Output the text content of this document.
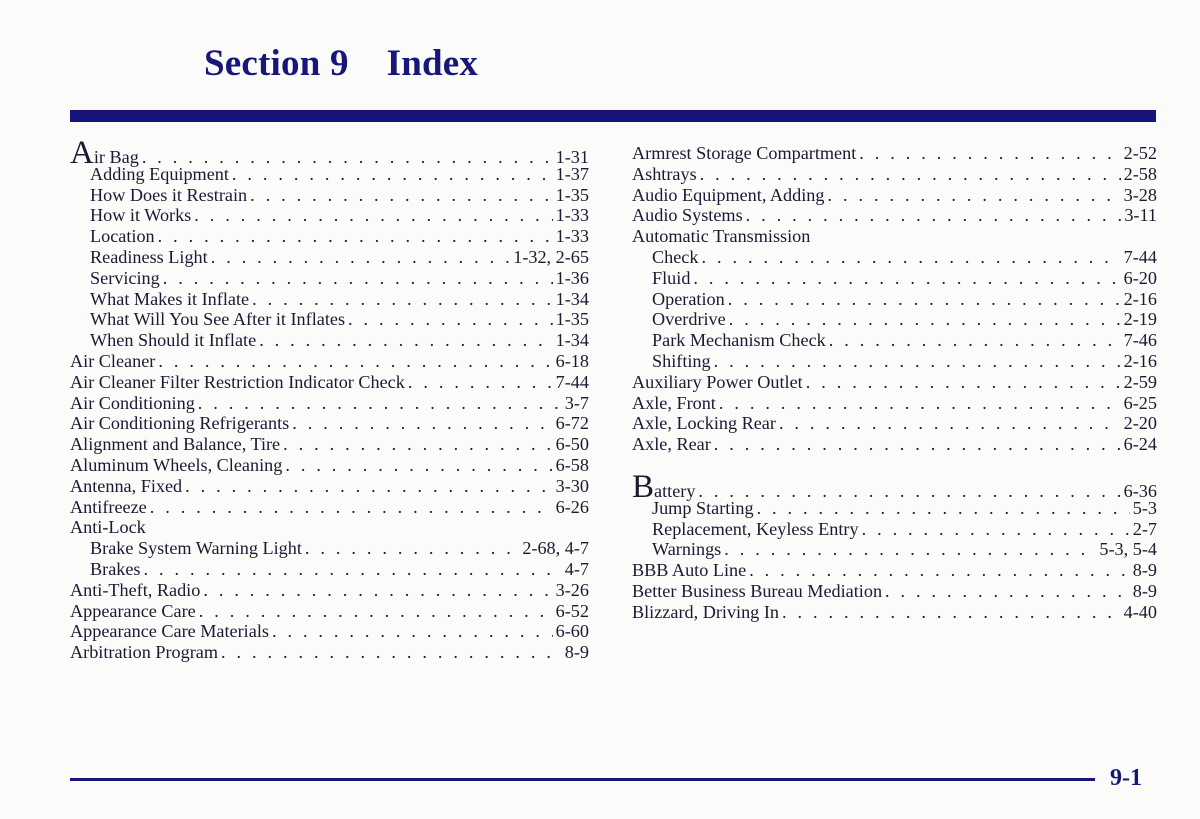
Section 9 Index
Air Bag . . .	1-31
Adding Equipment . . .	1-37
How Does it Restrain . . .	1-35
How it Works . . .	1-33
Location . . .	1-33
Readiness Light . . .	1-32, 2-65
Servicing . . .	1-36
What Makes it Inflate . . .	1-34
What Will You See After it Inflates . . .	1-35
When Should it Inflate . . .	1-34
Air Cleaner . . .	6-18
Air Cleaner Filter Restriction Indicator Check . . .	7-44
Air Conditioning . . .	3-7
Air Conditioning Refrigerants . . .	6-72
Alignment and Balance, Tire . . .	6-50
Aluminum Wheels, Cleaning . . .	6-58
Antenna, Fixed . . .	3-30
Antifreeze . . .	6-26
Anti-Lock
Brake System Warning Light . . .	2-68, 4-7
Brakes . . .	4-7
Anti-Theft, Radio . . .	3-26
Appearance Care . . .	6-52
Appearance Care Materials . . .	6-60
Arbitration Program . . .	8-9
Armrest Storage Compartment . . .	2-52
Ashtrays . . .	2-58
Audio Equipment, Adding . . .	3-28
Audio Systems . . .	3-11
Automatic Transmission
Check . . .	7-44
Fluid . . .	6-20
Operation . . .	2-16
Overdrive . . .	2-19
Park Mechanism Check . . .	7-46
Shifting . . .	2-16
Auxiliary Power Outlet . . .	2-59
Axle, Front . . .	6-25
Axle, Locking Rear . . .	2-20
Axle, Rear . . .	6-24
Battery . . .	6-36
Jump Starting . . .	5-3
Replacement, Keyless Entry . . .	2-7
Warnings . . .	5-3, 5-4
BBB Auto Line . . .	8-9
Better Business Bureau Mediation . . .	8-9
Blizzard, Driving In . . .	4-40
9-1
